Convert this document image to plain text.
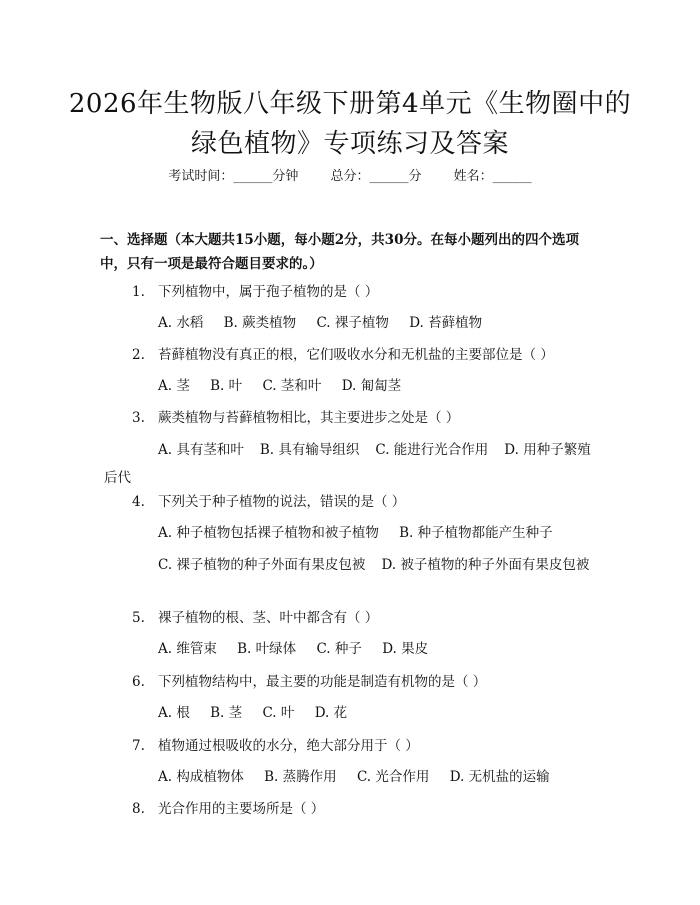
2026年生物版八年级下册第4单元《生物圈中的绿色植物》专项练习及答案
考试时间：______分钟 总分：______分 姓名：______
一、选择题（本大题共15小题，每小题2分，共30分。在每小题列出的四个选项中，只有一项是最符合题目要求的。）
1. 下列植物中，属于孢子植物的是（ ）
A. 水稻 B. 蕨类植物 C. 裸子植物 D. 苔藓植物
2. 苔藓植物没有真正的根，它们吸收水分和无机盐的主要部位是（ ）
A. 茎 B. 叶 C. 茎和叶 D. 匍匐茎
3. 蕨类植物与苔藓植物相比，其主要进步之处是（ ）
A. 具有茎和叶 B. 具有输导组织 C. 能进行光合作用 D. 用种子繁殖后代
4. 下列关于种子植物的说法，错误的是（ ）
A. 种子植物包括裸子植物和被子植物 B. 种子植物都能产生种子
C. 裸子植物的种子外面有果皮包被 D. 被子植物的种子外面有果皮包被
5. 裸子植物的根、茎、叶中都含有（ ）
A. 维管束 B. 叶绿体 C. 种子 D. 果皮
6. 下列植物结构中，最主要的功能是制造有机物的是（ ）
A. 根 B. 茎 C. 叶 D. 花
7. 植物通过根吸收的水分，绝大部分用于（ ）
A. 构成植物体 B. 蒸腾作用 C. 光合作用 D. 无机盐的运输
8. 光合作用的主要场所是（ ）
